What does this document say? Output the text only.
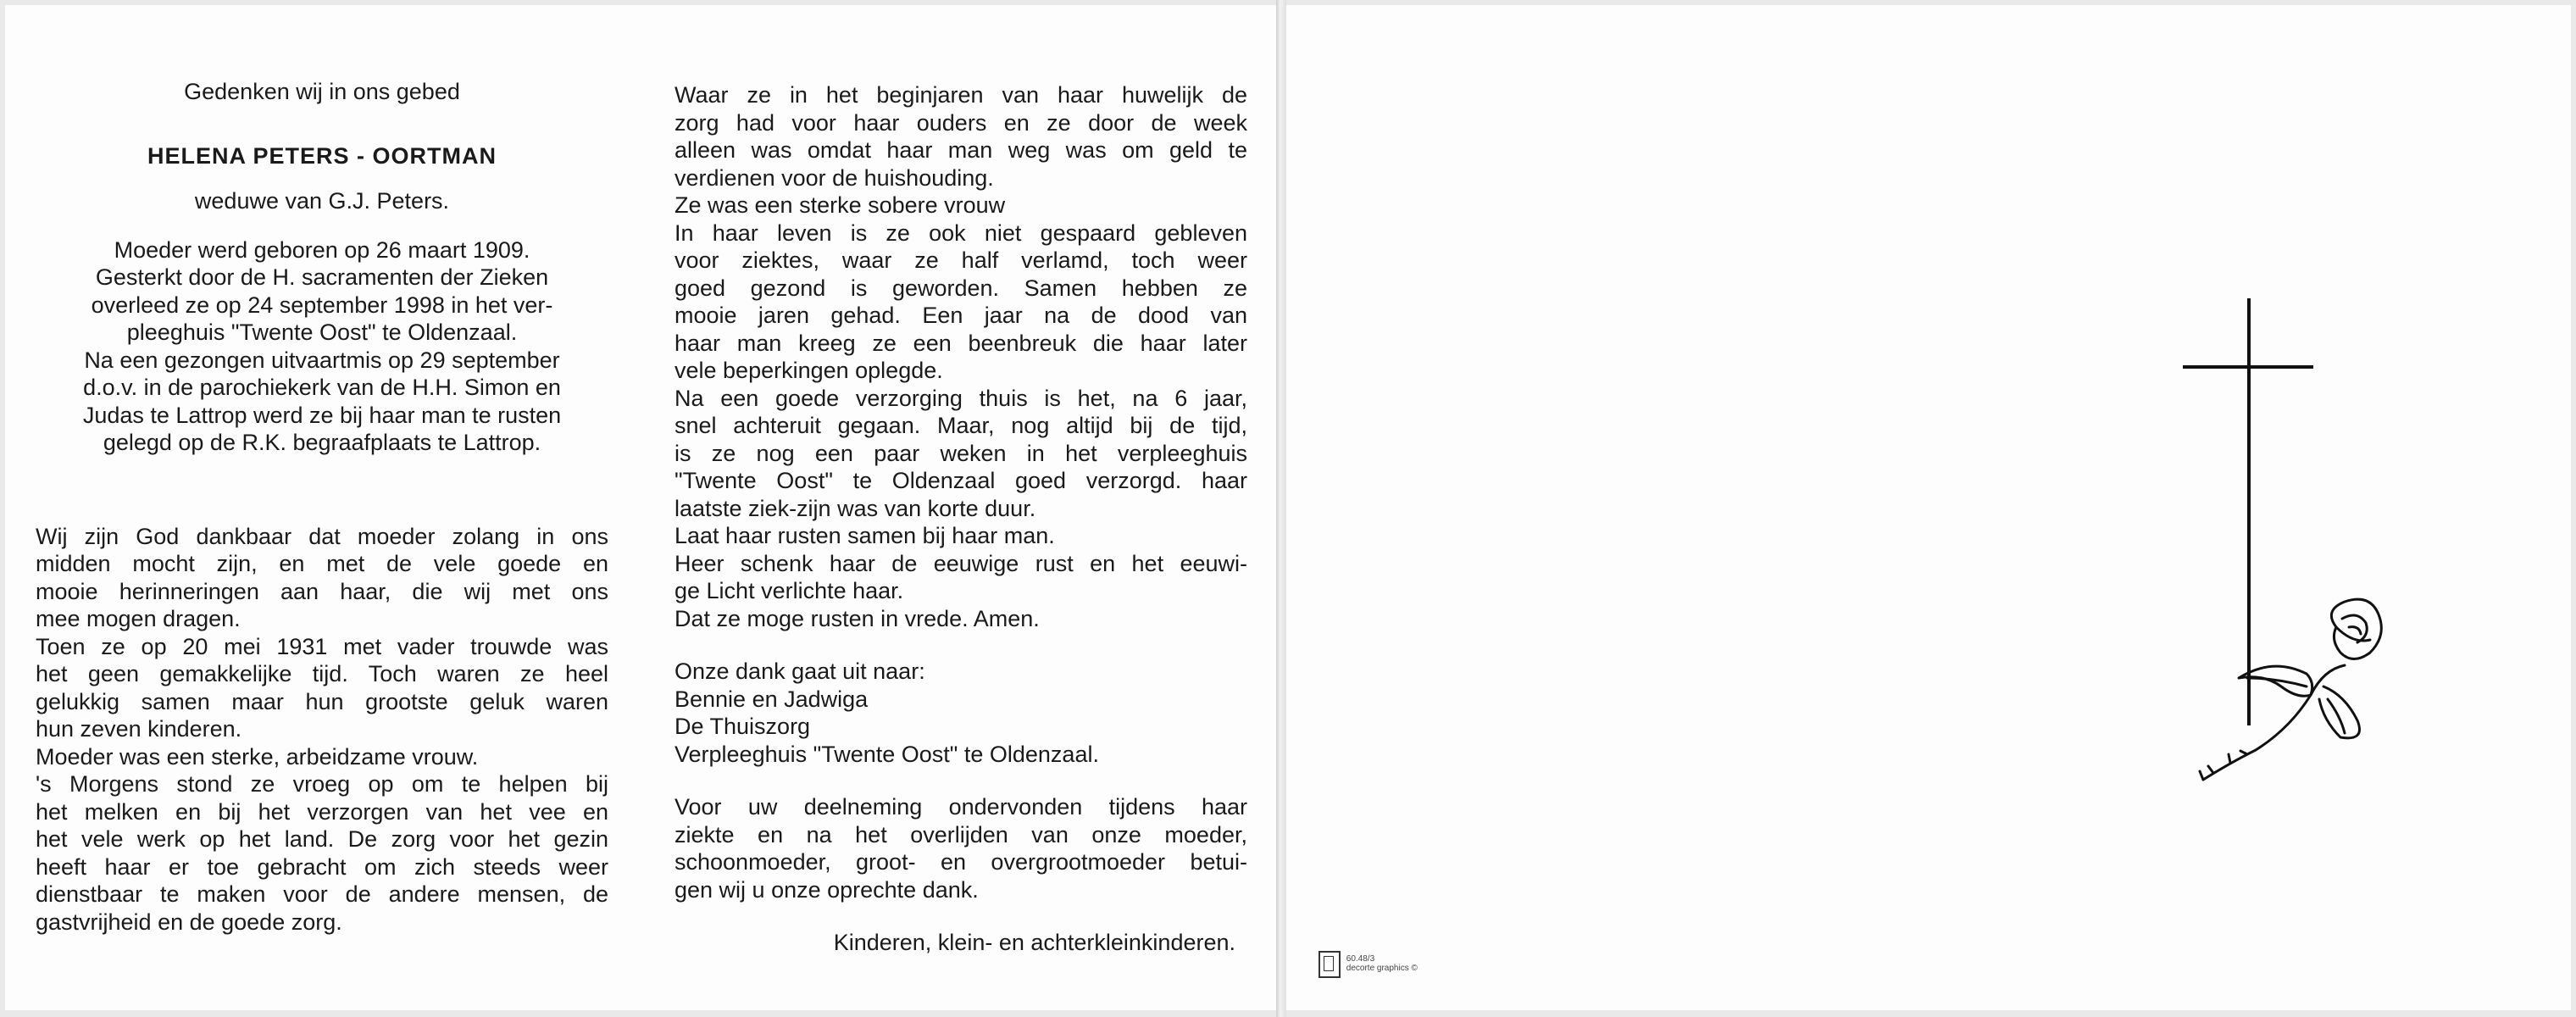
Gedenken wij in ons gebed

HELENA PETERS - OORTMAN

weduwe van G.J. Peters.

Moeder werd geboren op 26 maart 1909.

Gesterkt door de H. sacramenten der Zieken

overleed ze op 24 september 1998 in het ver-

pleeghuis "Twente Oost" te Oldenzaal.

Na een gezongen uitvaartmis op 29 september

d.o.v. in de parochiekerk van de H.H. Simon en

Judas te Lattrop werd ze bij haar man te rusten

gelegd op de R.K. begraafplaats te Lattrop.

Wij zijn God dankbaar dat moeder zolang in ons
midden mocht zijn, en met de vele goede en
mooie herinneringen aan haar, die wij met ons

mee mogen dragen.

Toen ze op 20 mei 1931 met vader trouwde was
het geen gemakkelijke tijd. Toch waren ze heel
gelukkig samen maar hun grootste geluk waren

hun zeven kinderen.

Moeder was een sterke, arbeidzame vrouw.

's Morgens stond ze vroeg op om te helpen bij
het melken en bij het verzorgen van het vee en
het vele werk op het land. De zorg voor het gezin
heeft haar er toe gebracht om zich steeds weer
dienstbaar te maken voor de andere mensen, de

gastvrijheid en de goede zorg.

Waar ze in het beginjaren van haar huwelijk de
zorg had voor haar ouders en ze door de week
alleen was omdat haar man weg was om geld te

verdienen voor de huishouding.

Ze was een sterke sobere vrouw

In haar leven is ze ook niet gespaard gebleven
voor ziektes, waar ze half verlamd, toch weer
goed gezond is geworden. Samen hebben ze
mooie jaren gehad. Een jaar na de dood van
haar man kreeg ze een beenbreuk die haar later

vele beperkingen oplegde.

Na een goede verzorging thuis is het, na 6 jaar,
snel achteruit gegaan. Maar, nog altijd bij de tijd,
is ze nog een paar weken in het verpleeghuis
"Twente Oost" te Oldenzaal goed verzorgd. haar

laatste ziek-zijn was van korte duur.

Laat haar rusten samen bij haar man.

Heer schenk haar de eeuwige rust en het eeuwi-

ge Licht verlichte haar.

Dat ze moge rusten in vrede. Amen.

Onze dank gaat uit naar:

Bennie en Jadwiga

De Thuiszorg

Verpleeghuis "Twente Oost" te Oldenzaal.

Voor uw deelneming ondervonden tijdens haar
ziekte en na het overlijden van onze moeder,
schoonmoeder, groot- en overgrootmoeder betui-

gen wij u onze oprechte dank.

Kinderen, klein- en achterkleinkinderen.

60.48/3
decorte graphics ©
